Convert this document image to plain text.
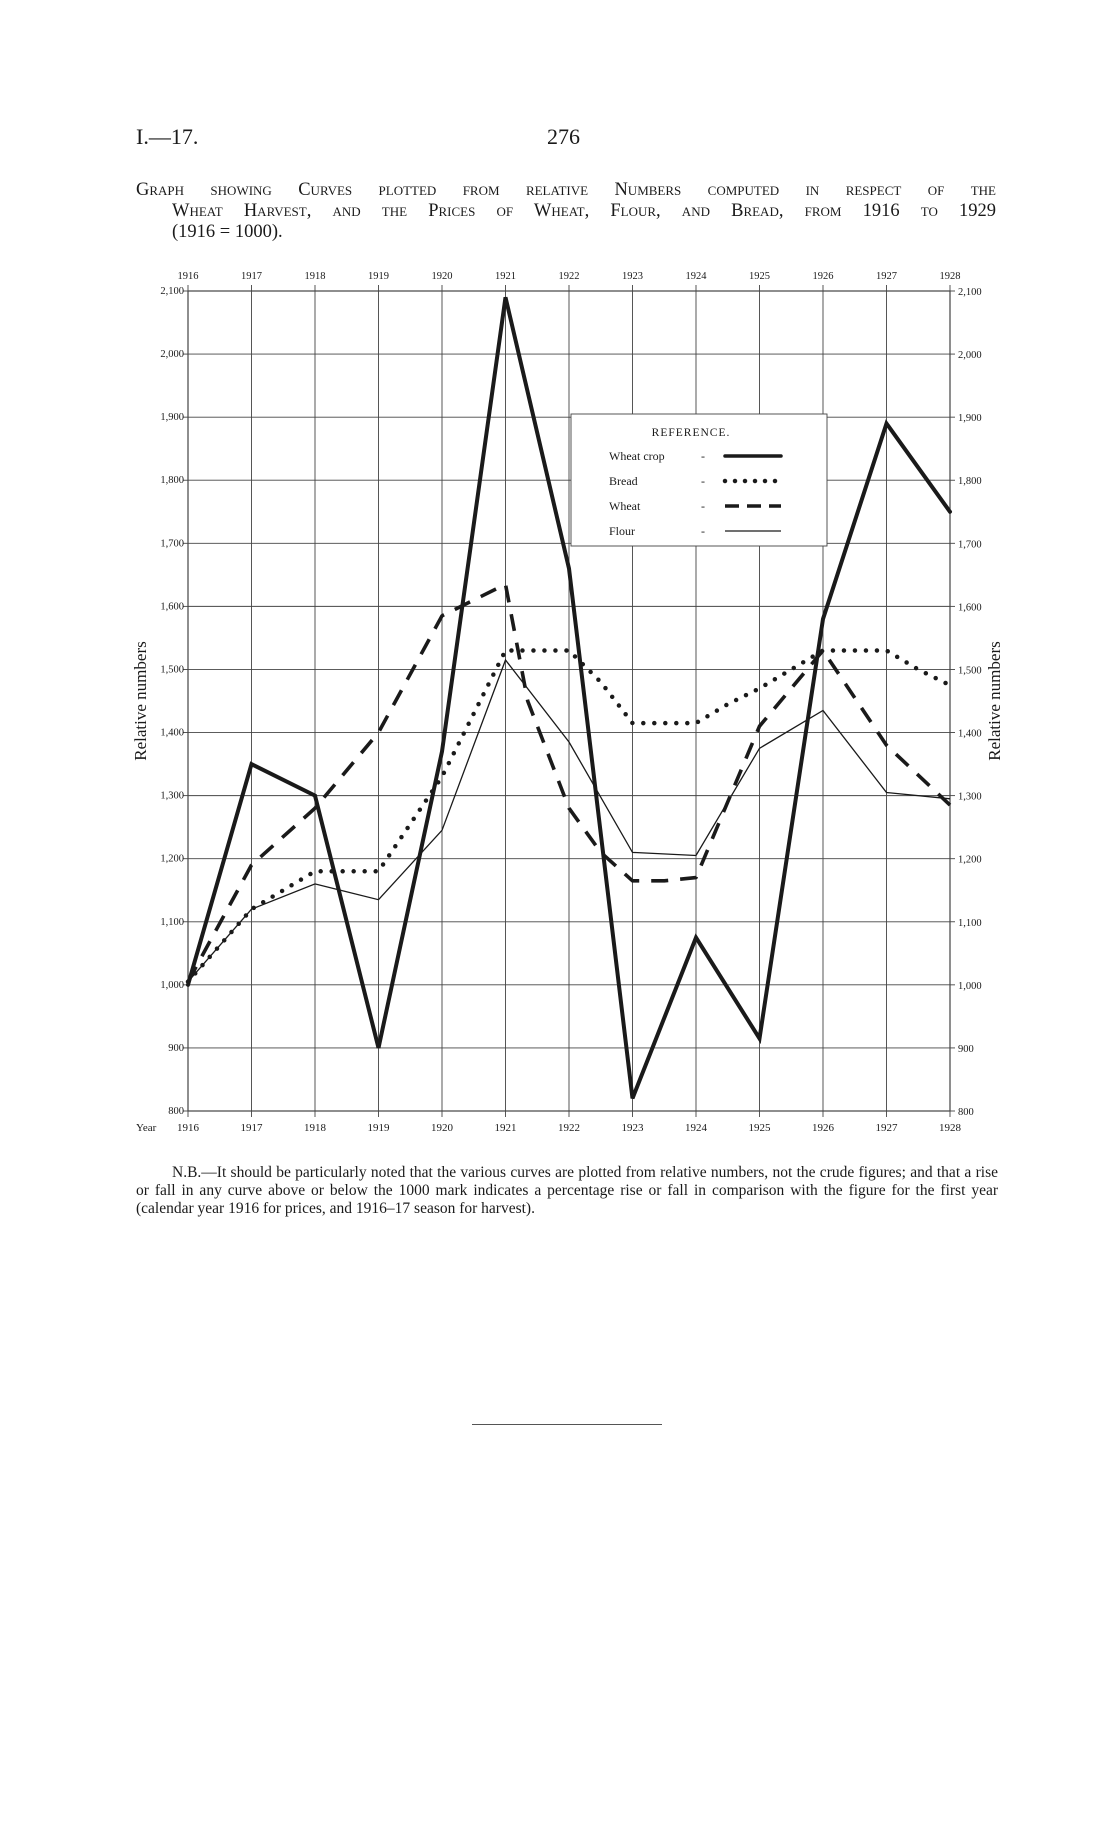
I.—17.	276
Graph showing Curves plotted from relative Numbers computed in respect of the
Wheat Harvest, and the Prices of Wheat, Flour, and Bread, from 1916 to 1929
(1916 = 1000).
1916
1916
1917
1917
1918
1918
1919
1919
1920
1920
1921
1921
1922
1922
1923
1923
1924
1924
1925
1925
1926
1926
1927
1927
1928
1928
Year
800	800
900	900
1,000	1,000
1,100	1,100
1,200	1,200
1,300	1,300
1,400	1,400
1,500	1,500
1,600	1,600
1,700	1,700
1,800	1,800
1,900	1,900
2,000	2,000
2,100	2,100
Relative numbers	Relative numbers
REFERENCE.
Wheat crop	-
Bread	-
Wheat	-
Flour	-
N.B.—It should be particularly noted that the various curves are plotted from relative numbers, not the crude figures; and that a rise or fall in any curve above or below the 1000 mark indicates a percentage rise or fall in comparison with the figure for the first year (calendar year 1916 for prices, and 1916–17 season for harvest).
